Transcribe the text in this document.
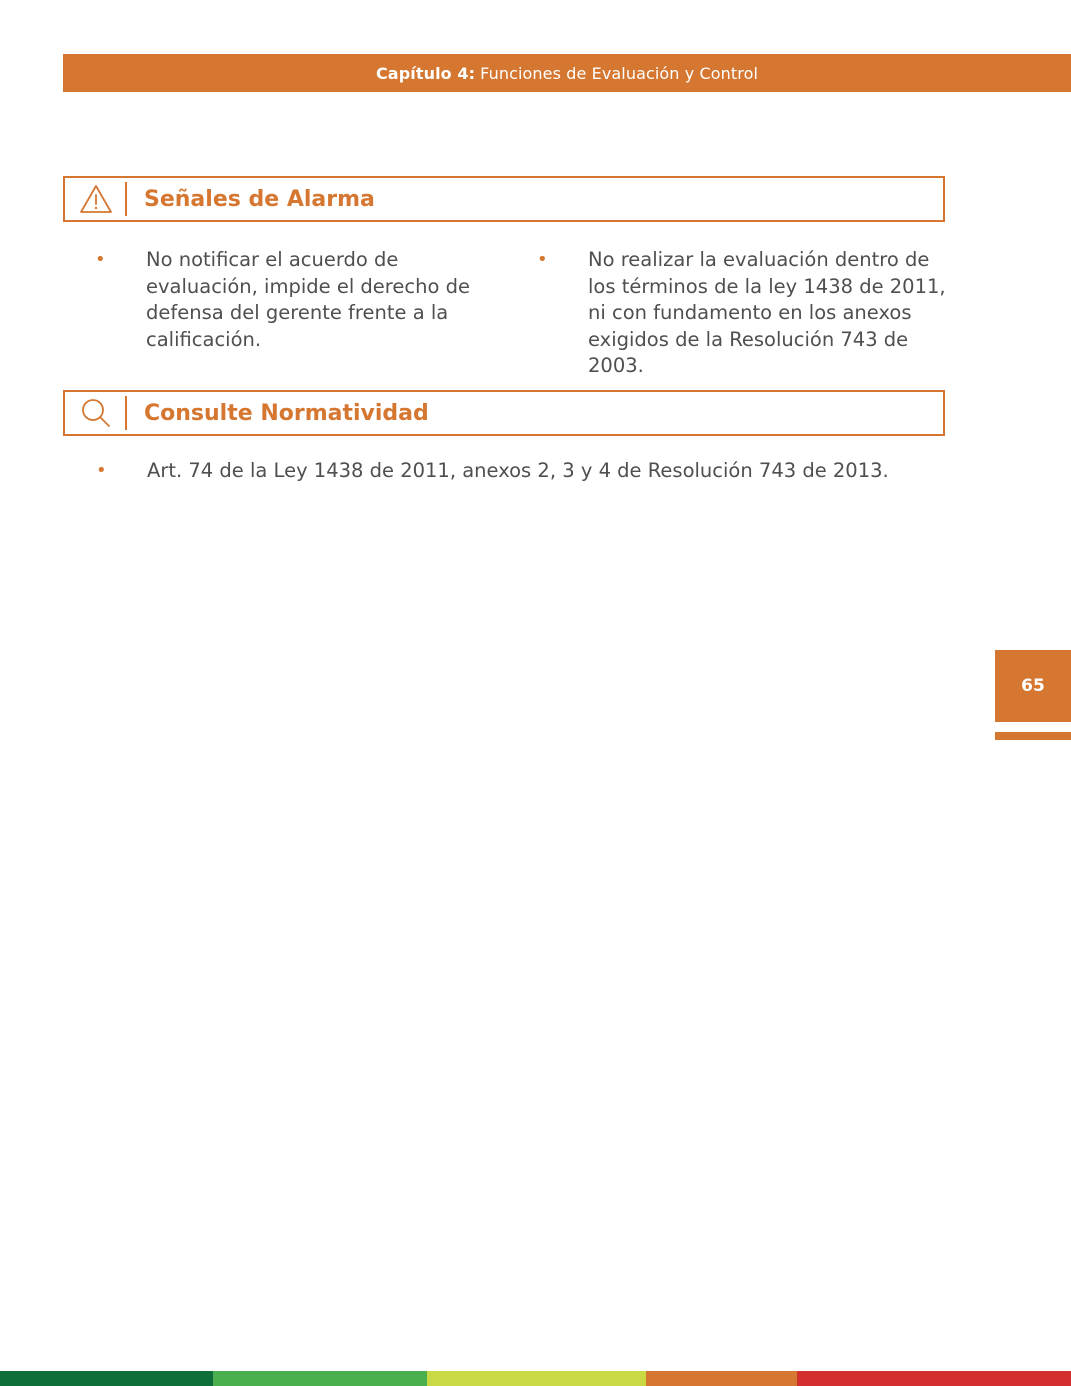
Capítulo 4: Funciones de Evaluación y Control
Señales de Alarma
• No notificar el acuerdo de evaluación, impide el derecho de defensa del gerente frente a la calificación.
• No realizar la evaluación dentro de los términos de la ley 1438 de 2011, ni con fundamento en los anexos exigidos de la Resolución 743 de 2003.
Consulte Normatividad
• Art. 74 de la Ley 1438 de 2011, anexos 2, 3 y 4 de Resolución 743 de 2013.
65
